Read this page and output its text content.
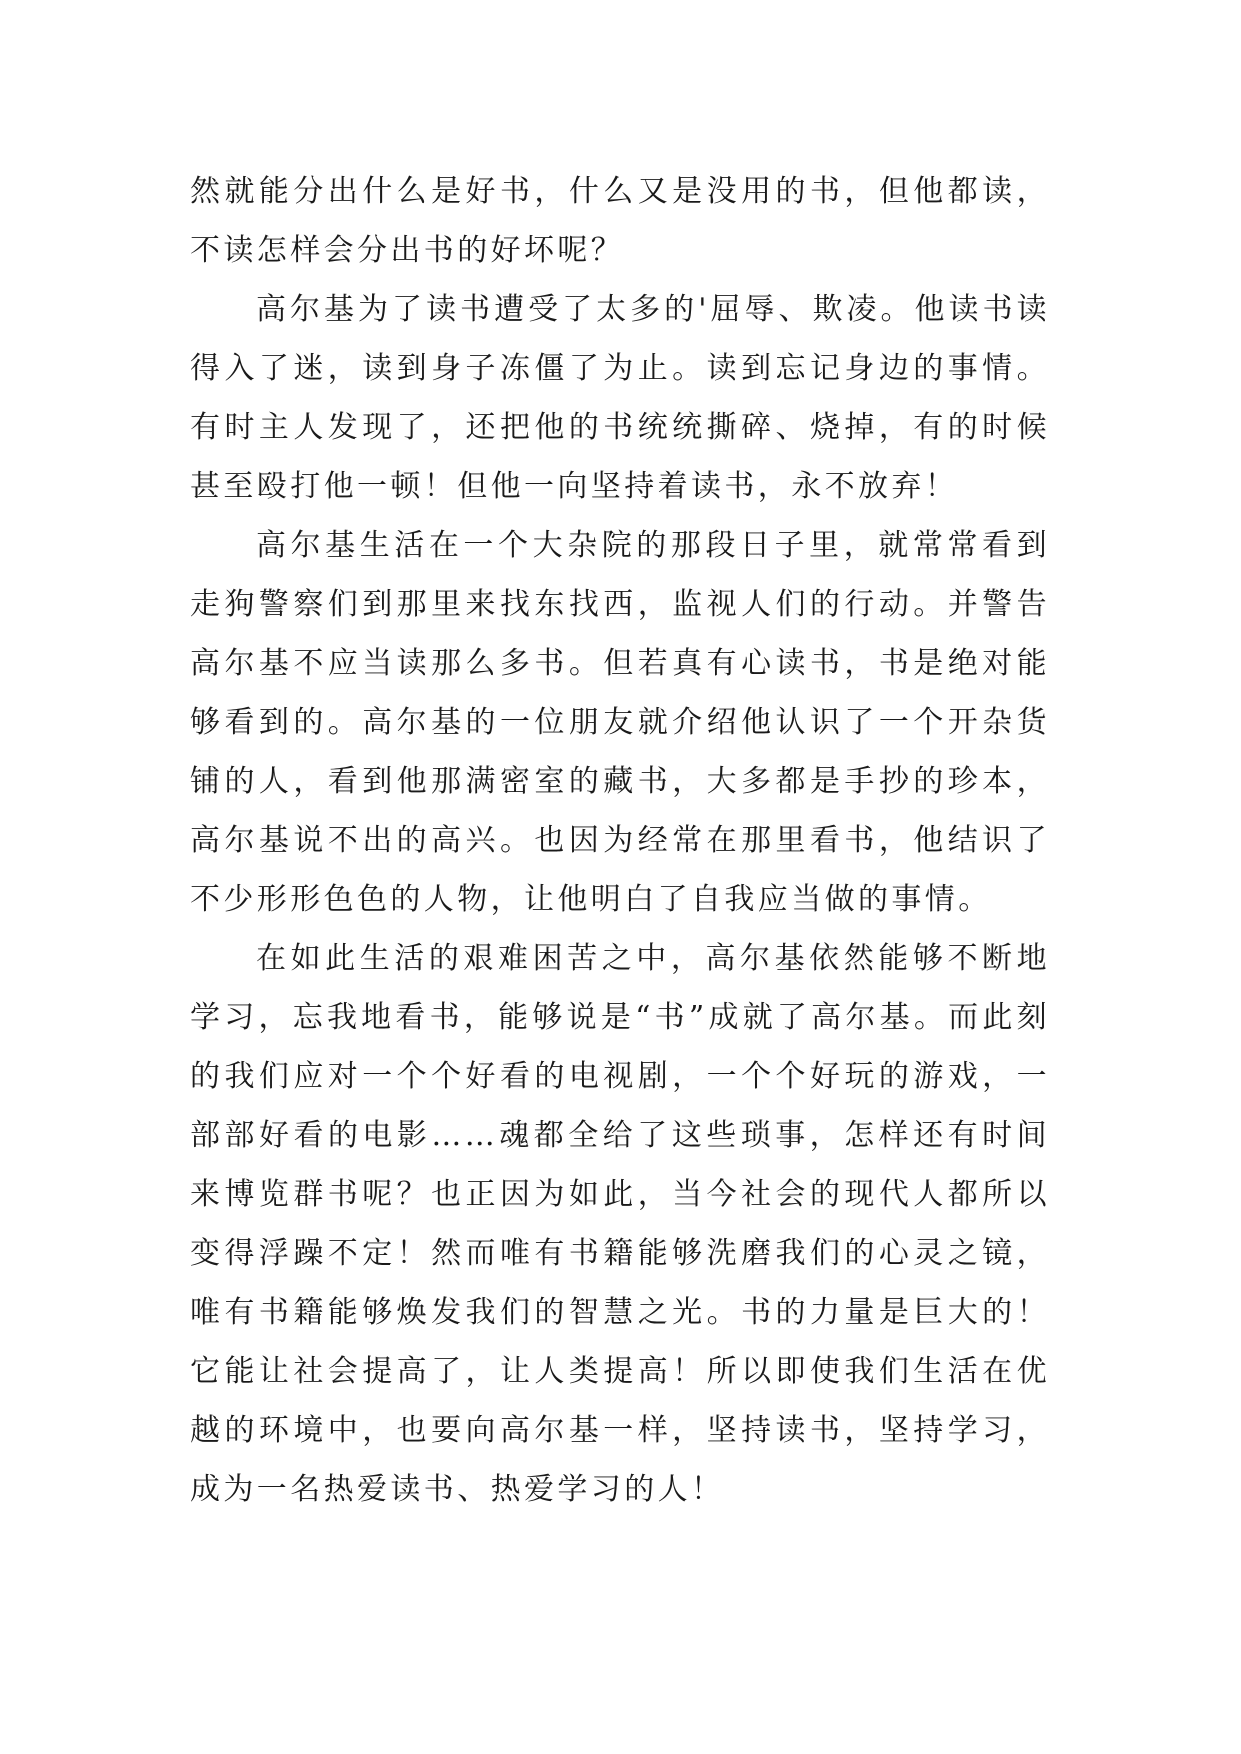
然就能分出什么是好书，什么又是没用的书，但他都读，不读怎样会分出书的好坏呢？

高尔基为了读书遭受了太多的'屈辱、欺凌。他读书读得入了迷，读到身子冻僵了为止。读到忘记身边的事情。有时主人发现了，还把他的书统统撕碎、烧掉，有的时候甚至殴打他一顿！但他一向坚持着读书，永不放弃！

高尔基生活在一个大杂院的那段日子里，就常常看到走狗警察们到那里来找东找西，监视人们的行动。并警告高尔基不应当读那么多书。但若真有心读书，书是绝对能够看到的。高尔基的一位朋友就介绍他认识了一个开杂货铺的人，看到他那满密室的藏书，大多都是手抄的珍本，高尔基说不出的高兴。也因为经常在那里看书，他结识了不少形形色色的人物，让他明白了自我应当做的事情。

在如此生活的艰难困苦之中，高尔基依然能够不断地学习，忘我地看书，能够说是“书”成就了高尔基。而此刻的我们应对一个个好看的电视剧，一个个好玩的游戏，一部部好看的电影……魂都全给了这些琐事，怎样还有时间来博览群书呢？也正因为如此，当今社会的现代人都所以变得浮躁不定！然而唯有书籍能够洗磨我们的心灵之镜，唯有书籍能够焕发我们的智慧之光。书的力量是巨大的！它能让社会提高了，让人类提高！所以即使我们生活在优越的环境中，也要向高尔基一样，坚持读书，坚持学习，成为一名热爱读书、热爱学习的人！
